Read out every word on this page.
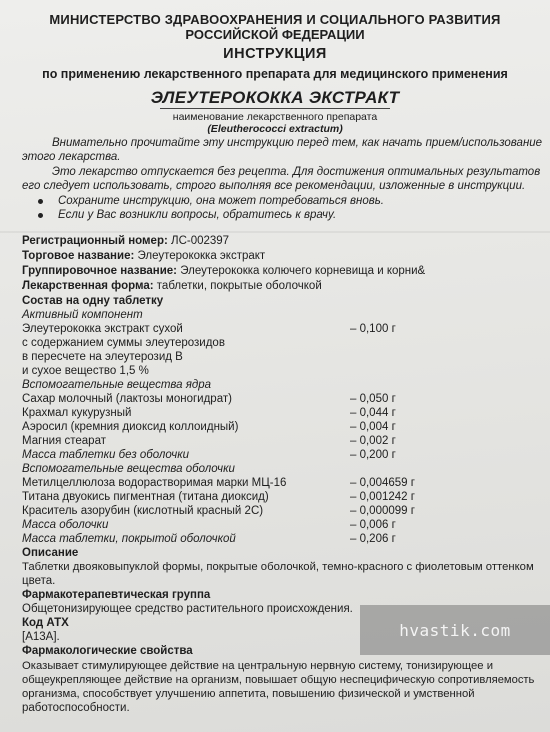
МИНИСТЕРСТВО ЗДРАВООХРАНЕНИЯ И СОЦИАЛЬНОГО РАЗВИТИЯ
РОССИЙСКОЙ ФЕДЕРАЦИИ
ИНСТРУКЦИЯ
по применению лекарственного препарата для медицинского применения
ЭЛЕУТЕРОКОККА ЭКСТРАКТ
наименование лекарственного препарата
(Eleutherococci extractum)
Внимательно прочитайте эту инструкцию перед тем, как начать прием/использование
этого лекарства.
Это лекарство отпускается без рецепта. Для достижения оптимальных результатов
его следует использовать, строго выполняя все рекомендации, изложенные в инструкции.
Сохраните инструкцию, она может потребоваться вновь.
Если у Вас возникли вопросы, обратитесь к врачу.
Регистрационный номер: ЛС-002397
Торговое название: Элеутерококка экстракт
Группировочное название: Элеутерококка колючего корневища и корни&
Лекарственная форма: таблетки, покрытые оболочкой
Состав на одну таблетку
Активный компонент
Элеутерококка экстракт сухой	– 0,100 г
с содержанием суммы элеутерозидов
в пересчете на элеутерозид В
и сухое вещество 1,5 %
Вспомогательные вещества ядра
Сахар молочный (лактозы моногидрат)	– 0,050 г
Крахмал кукурузный	– 0,044 г
Аэросил (кремния диоксид коллоидный)	– 0,004 г
Магния стеарат	– 0,002 г
Масса таблетки без оболочки	– 0,200 г
Вспомогательные вещества оболочки
Метилцеллюлоза водорастворимая марки МЦ-16	– 0,004659 г
Титана двуокись пигментная (титана диоксид)	– 0,001242 г
Краситель азорубин (кислотный красный 2С)	– 0,000099 г
Масса оболочки	– 0,006 г
Масса таблетки, покрытой оболочкой	– 0,206 г
Описание
Таблетки двояковыпуклой формы, покрытые оболочкой, темно-красного с фиолетовым оттенком
цвета.
Фармакотерапевтическая группа
Общетонизирующее средство растительного происхождения.
Код АТХ
[A13A].
Фармакологические свойства
Оказывает стимулирующее действие на центральную нервную систему, тонизирующее и
общеукрепляющее действие на организм, повышает общую неспецифическую сопротивляемость
организма, способствует улучшению аппетита, повышению физической и умственной
работоспособности.
hvastik.com
